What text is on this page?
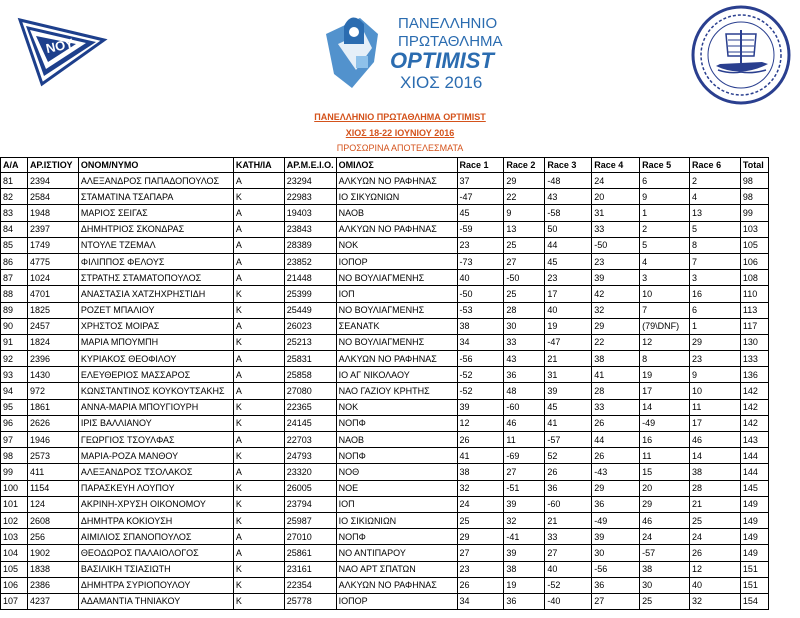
ΝΟΥ
ΠΑΝΕΛΛΗΝΙΟ
ΠΡΩΤΑΘΛΗΜΑ
OPTIMIST
ΧΙΟΣ 2016
ΠΑΝΕΛΛΗΝΙΟ ΠΡΩΤΑΘΛΗΜΑ OPTIMIST
ΧΙΟΣ 18-22 ΙΟΥΝΙΟΥ 2016
ΠΡΟΣΩΡΙΝΑ ΑΠΟΤΕΛΕΣΜΑΤΑ
Α/Α	ΑΡ.ΙΣΤΙΟΥ	ΟΝΟΜ/ΝΥΜΟ	ΚΑΤΗ/ΙΑ	ΑΡ.Μ.Ε.Ι.Ο.	ΟΜΙΛΟΣ	Race 1	Race 2	Race 3	Race 4	Race 5	Race 6	Total
81	2394	ΑΛΕΞΑΝΔΡΟΣ ΠΑΠΑΔΟΠΟΥΛΟΣ	Α	23294	ΑΛΚΥΩΝ ΝΟ ΡΑΦΗΝΑΣ	37	29	-48	24	6	2	98
82	2584	ΣΤΑΜΑΤΙΝΑ ΤΣΑΠΑΡΑ	Κ	22983	ΙΟ ΣΙΚΥΩΝΙΩΝ	-47	22	43	20	9	4	98
83	1948	ΜΑΡΙΟΣ ΣΕΙΓΑΣ	Α	19403	ΝΑΟΒ	45	9	-58	31	1	13	99
84	2397	ΔΗΜΗΤΡΙΟΣ ΣΚΟΝΔΡΑΣ	Α	23843	ΑΛΚΥΩΝ ΝΟ ΡΑΦΗΝΑΣ	-59	13	50	33	2	5	103
85	1749	ΝΤΟΥΛΕ ΤΖΕΜΑΛ	Α	28389	ΝΟΚ	23	25	44	-50	5	8	105
86	4775	ΦΙΛΙΠΠΟΣ ΦΕΛΟΥΣ	Α	23852	ΙΟΠΟΡ	-73	27	45	23	4	7	106
87	1024	ΣΤΡΑΤΗΣ ΣΤΑΜΑΤΟΠΟΥΛΟΣ	Α	21448	ΝΟ ΒΟΥΛΙΑΓΜΕΝΗΣ	40	-50	23	39	3	3	108
88	4701	ΑΝΑΣΤΑΣΙΑ ΧΑΤΖΗΧΡΗΣΤΙΔΗ	Κ	25399	ΙΟΠ	-50	25	17	42	10	16	110
89	1825	ΡΟΖΕΤ ΜΠΑΛΙΟΥ	Κ	25449	ΝΟ ΒΟΥΛΙΑΓΜΕΝΗΣ	-53	28	40	32	7	6	113
90	2457	ΧΡΗΣΤΟΣ ΜΟΙΡΑΣ	Α	26023	ΣΕΑΝΑΤΚ	38	30	19	29	(79\DNF)	1	117
91	1824	ΜΑΡΙΑ ΜΠΟΥΜΠΗ	Κ	25213	ΝΟ ΒΟΥΛΙΑΓΜΕΝΗΣ	34	33	-47	22	12	29	130
92	2396	ΚΥΡΙΑΚΟΣ ΘΕΟΦΙΛΟΥ	Α	25831	ΑΛΚΥΩΝ ΝΟ ΡΑΦΗΝΑΣ	-56	43	21	38	8	23	133
93	1430	ΕΛΕΥΘΕΡΙΟΣ ΜΑΣΣΑΡΟΣ	Α	25858	ΙΟ ΑΓ ΝΙΚΟΛΑΟΥ	-52	36	31	41	19	9	136
94	972	ΚΩΝΣΤΑΝΤΙΝΟΣ ΚΟΥΚΟΥΤΣΑΚΗΣ	Α	27080	ΝΑΟ ΓΑΖΙΟΥ ΚΡΗΤΗΣ	-52	48	39	28	17	10	142
95	1861	ΑΝΝΑ-ΜΑΡΙΑ ΜΠΟΥΓΙΟΥΡΗ	Κ	22365	ΝΟΚ	39	-60	45	33	14	11	142
96	2626	ΙΡΙΣ ΒΑΛΛΙΑΝΟΥ	Κ	24145	ΝΟΠΦ	12	46	41	26	-49	17	142
97	1946	ΓΕΩΡΓΙΟΣ ΤΣΟΥΛΦΑΣ	Α	22703	ΝΑΟΒ	26	11	-57	44	16	46	143
98	2573	ΜΑΡΙΑ-ΡΟΖΑ ΜΑΝΘΟΥ	Κ	24793	ΝΟΠΦ	41	-69	52	26	11	14	144
99	411	ΑΛΕΞΑΝΔΡΟΣ ΤΣΟΛΑΚΟΣ	Α	23320	ΝΟΘ	38	27	26	-43	15	38	144
100	1154	ΠΑΡΑΣΚΕΥΗ ΛΟΥΠΟΥ	Κ	26005	ΝΟΕ	32	-51	36	29	20	28	145
101	124	ΑΚΡΙΝΗ-ΧΡΥΣΗ ΟΙΚΟΝΟΜΟΥ	Κ	23794	ΙΟΠ	24	39	-60	36	29	21	149
102	2608	ΔΗΜΗΤΡΑ ΚΟΚΙΟΥΣΗ	Κ	25987	ΙΟ ΣΙΚΙΩΝΙΩΝ	25	32	21	-49	46	25	149
103	256	ΑΙΜΙΛΙΟΣ ΣΠΑΝΟΠΟΥΛΟΣ	Α	27010	ΝΟΠΦ	29	-41	33	39	24	24	149
104	1902	ΘΕΟΔΩΡΟΣ ΠΑΛΑΙΟΛΟΓΟΣ	Α	25861	ΝΟ ΑΝΤΙΠΑΡΟΥ	27	39	27	30	-57	26	149
105	1838	ΒΑΣΙΛΙΚΗ ΤΣΙΑΣΙΩΤΗ	Κ	23161	ΝΑΟ ΑΡΤ ΣΠΑΤΩΝ	23	38	40	-56	38	12	151
106	2386	ΔΗΜΗΤΡΑ ΣΥΡΙΟΠΟΥΛΟΥ	Κ	22354	ΑΛΚΥΩΝ ΝΟ ΡΑΦΗΝΑΣ	26	19	-52	36	30	40	151
107	4237	ΑΔΑΜΑΝΤΙΑ ΤΗΝΙΑΚΟΥ	Κ	25778	ΙΟΠΟΡ	34	36	-40	27	25	32	154
